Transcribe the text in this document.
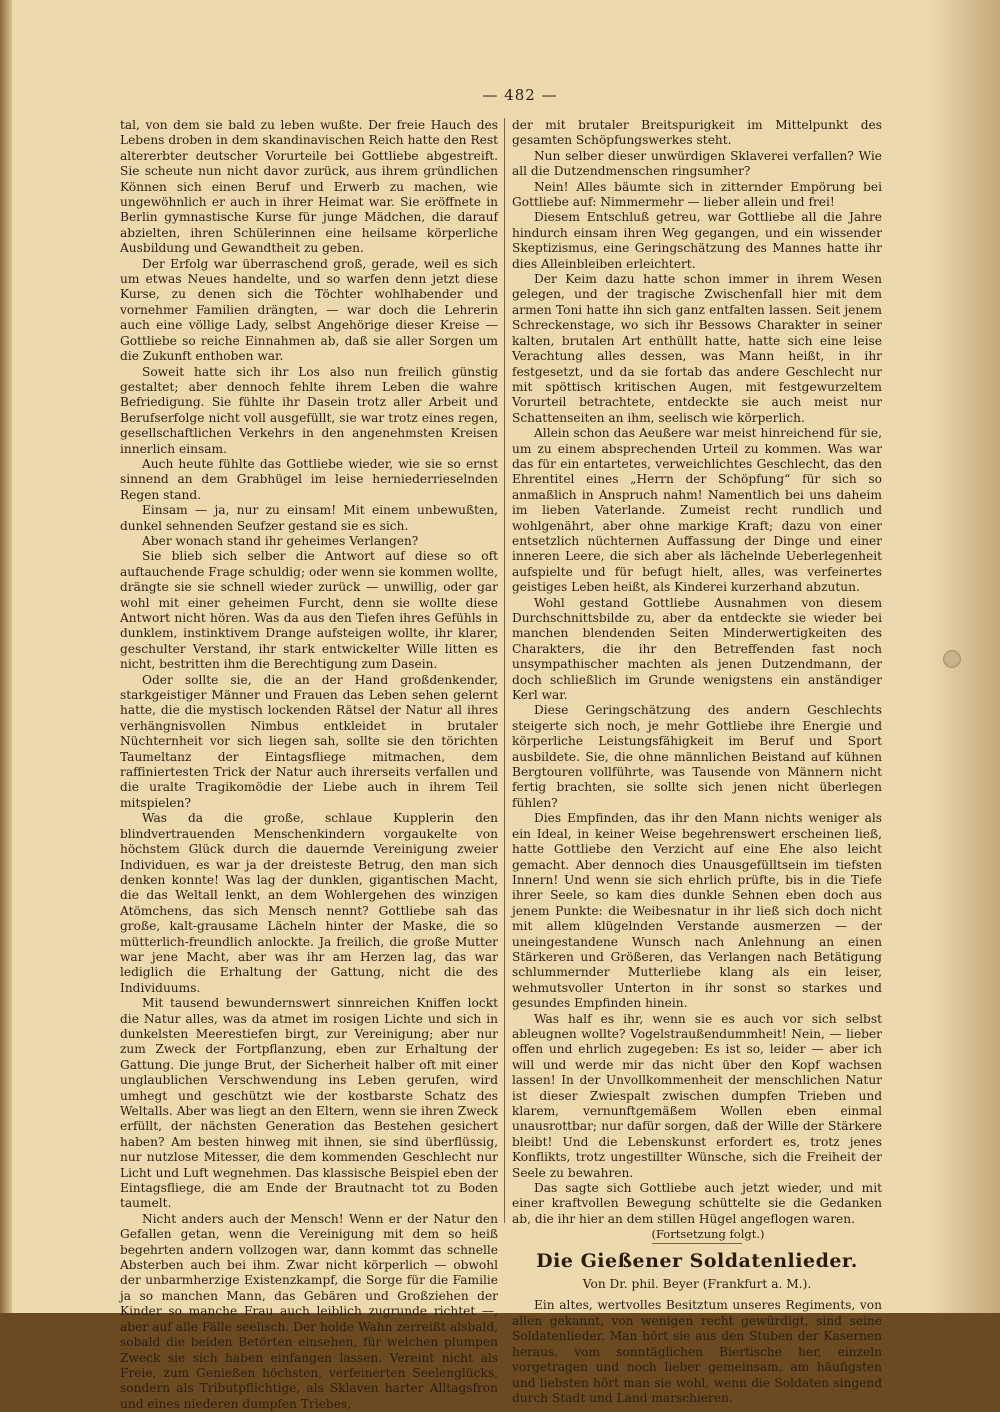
— 482 —

tal, von dem sie bald zu leben wußte. Der freie Hauch des Lebens droben in dem skandinavischen Reich hatte den Rest altererbter deutscher Vorurteile bei Gottliebe abgestreift. Sie scheute nun nicht davor zurück, aus ihrem gründlichen Können sich einen Beruf und Erwerb zu machen, wie ungewöhnlich er auch in ihrer Heimat war. Sie eröffnete in Berlin gymnastische Kurse für junge Mädchen, die darauf abzielten, ihren Schülerinnen eine heilsame körperliche Ausbildung und Gewandtheit zu geben.

Der Erfolg war überraschend groß, gerade, weil es sich um etwas Neues handelte, und so warfen denn jetzt diese Kurse, zu denen sich die Töchter wohlhabender und vornehmer Familien drängten, — war doch die Lehrerin auch eine völlige Lady, selbst Angehörige dieser Kreise — Gottliebe so reiche Einnahmen ab, daß sie aller Sorgen um die Zukunft enthoben war.

Soweit hatte sich ihr Los also nun freilich günstig gestaltet; aber dennoch fehlte ihrem Leben die wahre Befriedigung. Sie fühlte ihr Dasein trotz aller Arbeit und Berufserfolge nicht voll ausgefüllt, sie war trotz eines regen, gesellschaftlichen Verkehrs in den angenehmsten Kreisen innerlich einsam.

Auch heute fühlte das Gottliebe wieder, wie sie so ernst sinnend an dem Grabhügel im leise herniederrieselnden Regen stand.

Einsam — ja, nur zu einsam! Mit einem unbewußten, dunkel sehnenden Seufzer gestand sie es sich.

Aber wonach stand ihr geheimes Verlangen?

Sie blieb sich selber die Antwort auf diese so oft auftauchende Frage schuldig; oder wenn sie kommen wollte, drängte sie sie schnell wieder zurück — unwillig, oder gar wohl mit einer geheimen Furcht, denn sie wollte diese Antwort nicht hören. Was da aus den Tiefen ihres Gefühls in dunklem, instinktivem Drange aufsteigen wollte, ihr klarer, geschulter Verstand, ihr stark entwickelter Wille litten es nicht, bestritten ihm die Berechtigung zum Dasein.

Oder sollte sie, die an der Hand großdenkender, starkgeistiger Männer und Frauen das Leben sehen gelernt hatte, die die mystisch lockenden Rätsel der Natur all ihres verhängnisvollen Nimbus entkleidet in brutaler Nüchternheit vor sich liegen sah, sollte sie den törichten Taumeltanz der Eintagsfliege mitmachen, dem raffiniertesten Trick der Natur auch ihrerseits verfallen und die uralte Tragikomödie der Liebe auch in ihrem Teil mitspielen?

Was da die große, schlaue Kupplerin den blindvertrauenden Menschenkindern vorgaukelte von höchstem Glück durch die dauernde Vereinigung zweier Individuen, es war ja der dreisteste Betrug, den man sich denken konnte! Was lag der dunklen, gigantischen Macht, die das Weltall lenkt, an dem Wohlergehen des winzigen Atömchens, das sich Mensch nennt? Gottliebe sah das große, kalt-grausame Lächeln hinter der Maske, die so mütterlich-freundlich anlockte. Ja freilich, die große Mutter war jene Macht, aber was ihr am Herzen lag, das war lediglich die Erhaltung der Gattung, nicht die des Individuums.

Mit tausend bewundernswert sinnreichen Kniffen lockt die Natur alles, was da atmet im rosigen Lichte und sich in dunkelsten Meerestiefen birgt, zur Vereinigung; aber nur zum Zweck der Fortpflanzung, eben zur Erhaltung der Gattung. Die junge Brut, der Sicherheit halber oft mit einer unglaublichen Verschwendung ins Leben gerufen, wird umhegt und geschützt wie der kostbarste Schatz des Weltalls. Aber was liegt an den Eltern, wenn sie ihren Zweck erfüllt, der nächsten Generation das Bestehen gesichert haben? Am besten hinweg mit ihnen, sie sind überflüssig, nur nutzlose Mitesser, die dem kommenden Geschlecht nur Licht und Luft wegnehmen. Das klassische Beispiel eben der Eintagsfliege, die am Ende der Brautnacht tot zu Boden taumelt.

Nicht anders auch der Mensch! Wenn er der Natur den Gefallen getan, wenn die Vereinigung mit dem so heiß begehrten andern vollzogen war, dann kommt das schnelle Absterben auch bei ihm. Zwar nicht körperlich — obwohl der unbarmherzige Existenzkampf, die Sorge für die Familie ja so manchen Mann, das Gebären und Großziehen der Kinder so manche Frau auch leiblich zugrunde richtet —, aber auf alle Fälle seelisch. Der holde Wahn zerreißt alsbald, sobald die beiden Betörten einsehen, für welchen plumpen Zweck sie sich haben einfangen lassen. Vereint nicht als Freie, zum Genießen höchsten, verfeinerten Seelenglücks, sondern als Tributpflichtige, als Sklaven harter Alltagsfron und eines niederen dumpfen Triebes,

der mit brutaler Breitspurigkeit im Mittelpunkt des gesamten Schöpfungswerkes steht.

Nun selber dieser unwürdigen Sklaverei verfallen? Wie all die Dutzendmenschen ringsumher?

Nein! Alles bäumte sich in zitternder Empörung bei Gottliebe auf: Nimmermehr — lieber allein und frei!

Diesem Entschluß getreu, war Gottliebe all die Jahre hindurch einsam ihren Weg gegangen, und ein wissender Skeptizismus, eine Geringschätzung des Mannes hatte ihr dies Alleinbleiben erleichtert.

Der Keim dazu hatte schon immer in ihrem Wesen gelegen, und der tragische Zwischenfall hier mit dem armen Toni hatte ihn sich ganz entfalten lassen. Seit jenem Schreckenstage, wo sich ihr Bessows Charakter in seiner kalten, brutalen Art enthüllt hatte, hatte sich eine leise Verachtung alles dessen, was Mann heißt, in ihr festgesetzt, und da sie fortab das andere Geschlecht nur mit spöttisch kritischen Augen, mit festgewurzeltem Vorurteil betrachtete, entdeckte sie auch meist nur Schattenseiten an ihm, seelisch wie körperlich.

Allein schon das Aeußere war meist hinreichend für sie, um zu einem absprechenden Urteil zu kommen. Was war das für ein entartetes, verweichlichtes Geschlecht, das den Ehrentitel eines „Herrn der Schöpfung“ für sich so anmaßlich in Anspruch nahm! Namentlich bei uns daheim im lieben Vaterlande. Zumeist recht rundlich und wohlgenährt, aber ohne markige Kraft; dazu von einer entsetzlich nüchternen Auffassung der Dinge und einer inneren Leere, die sich aber als lächelnde Ueberlegenheit aufspielte und für befugt hielt, alles, was verfeinertes geistiges Leben heißt, als Kinderei kurzerhand abzutun.

Wohl gestand Gottliebe Ausnahmen von diesem Durchschnittsbilde zu, aber da entdeckte sie wieder bei manchen blendenden Seiten Minderwertigkeiten des Charakters, die ihr den Betreffenden fast noch unsympathischer machten als jenen Dutzendmann, der doch schließlich im Grunde wenigstens ein anständiger Kerl war.

Diese Geringschätzung des andern Geschlechts steigerte sich noch, je mehr Gottliebe ihre Energie und körperliche Leistungsfähigkeit im Beruf und Sport ausbildete. Sie, die ohne männlichen Beistand auf kühnen Bergtouren vollführte, was Tausende von Männern nicht fertig brachten, sie sollte sich jenen nicht überlegen fühlen?

Dies Empfinden, das ihr den Mann nichts weniger als ein Ideal, in keiner Weise begehrenswert erscheinen ließ, hatte Gottliebe den Verzicht auf eine Ehe also leicht gemacht. Aber dennoch dies Unausgefülltsein im tiefsten Innern! Und wenn sie sich ehrlich prüfte, bis in die Tiefe ihrer Seele, so kam dies dunkle Sehnen eben doch aus jenem Punkte: die Weibesnatur in ihr ließ sich doch nicht mit allem klügelnden Verstande ausmerzen — der uneingestandene Wunsch nach Anlehnung an einen Stärkeren und Größeren, das Verlangen nach Betätigung schlummernder Mutterliebe klang als ein leiser, wehmutsvoller Unterton in ihr sonst so starkes und gesundes Empfinden hinein.

Was half es ihr, wenn sie es auch vor sich selbst ableugnen wollte? Vogelstraußendummheit! Nein, — lieber offen und ehrlich zugegeben: Es ist so, leider — aber ich will und werde mir das nicht über den Kopf wachsen lassen! In der Unvollkommenheit der menschlichen Natur ist dieser Zwiespalt zwischen dumpfen Trieben und klarem, vernunftgemäßem Wollen eben einmal unausrottbar; nur dafür sorgen, daß der Wille der Stärkere bleibt! Und die Lebenskunst erfordert es, trotz jenes Konflikts, trotz ungestillter Wünsche, sich die Freiheit der Seele zu bewahren.

Das sagte sich Gottliebe auch jetzt wieder, und mit einer kraftvollen Bewegung schüttelte sie die Gedanken ab, die ihr hier an dem stillen Hügel angeflogen waren.

(Fortsetzung folgt.)

Die Gießener Soldatenlieder.
Von Dr. phil. Beyer (Frankfurt a. M.).

Ein altes, wertvolles Besitztum unseres Regiments, von allen gekannt, von wenigen recht gewürdigt, sind seine Soldatenlieder. Man hört sie aus den Stuben der Kasernen heraus, vom sonntäglichen Biertische her, einzeln vorgetragen und noch lieber gemeinsam, am häufigsten und liebsten hört man sie wohl, wenn die Soldaten singend durch Stadt und Land marschieren.
